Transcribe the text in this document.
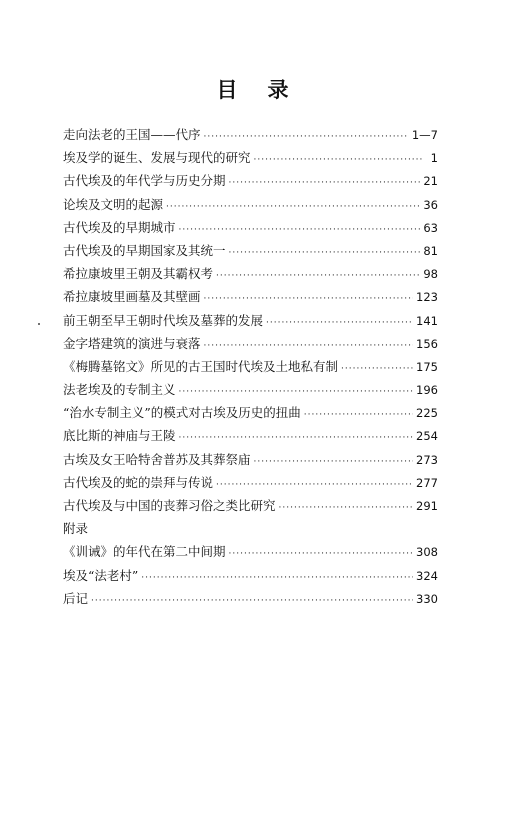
目 录
走向法老的王国——代序 ·····	1—7
埃及学的诞生、发展与现代的研究 ·····	1
古代埃及的年代学与历史分期 ·····	21
论埃及文明的起源 ·····	36
古代埃及的早期城市 ·····	63
古代埃及的早期国家及其统一 ·····	81
希拉康坡里王朝及其霸权考 ·····	98
希拉康坡里画墓及其壁画 ·····	123
前王朝至早王朝时代埃及墓葬的发展 ·····	141
金字塔建筑的演进与衰落 ·····	156
《梅腾墓铭文》所见的古王国时代埃及土地私有制 ·····	175
法老埃及的专制主义 ·····	196
“治水专制主义”的模式对古埃及历史的扭曲 ·····	225
底比斯的神庙与王陵 ·····	254
古埃及女王哈特舍普苏及其葬祭庙 ·····	273
古代埃及的蛇的崇拜与传说 ·····	277
古代埃及与中国的丧葬习俗之类比研究 ·····	291
附录
《训诫》的年代在第二中间期 ·····	308
埃及“法老村” ·····	324
后记 ·····	330
